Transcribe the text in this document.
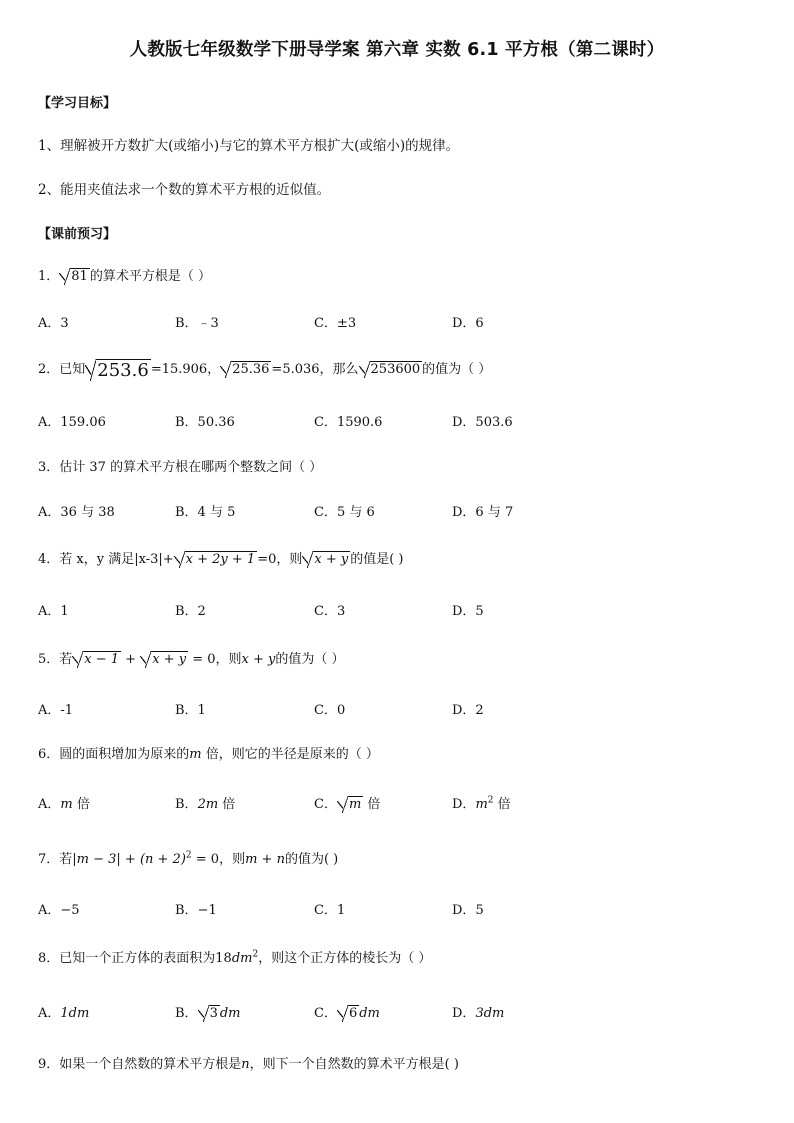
人教版七年级数学下册导学案 第六章 实数 6.1 平方根（第二课时）
【学习目标】
1、理解被开方数扩大(或缩小)与它的算术平方根扩大(或缩小)的规律。
2、能用夹值法求一个数的算术平方根的近似值。
【课前预习】
1． 81 的算术平方根是（ ）
A．3	B．﹣3	C．±3	D．6
2．已知 253.6 =15.906， 25.36 =5.036，那么 253600 的值为（ ）
A．159.06	B．50.36	C．1590.6	D．503.6
3．估计 37 的算术平方根在哪两个整数之间（ ）
A．36 与 38	B．4 与 5	C．5 与 6	D．6 与 7
4．若 x，y 满足|x-3|+ x + 2y + 1 =0，则 x + y 的值是( )
A．1	B．2	C．3	D．5
5．若 x − 1 + x + y = 0，则x + y的值为（ ）
A．-1	B．1	C．0	D．2
6．圆的面积增加为原来的m 倍，则它的半径是原来的（ ）
A．m 倍	B．2m 倍	C． m 倍	D．$m^2$ 倍
7．若$|m - 3| + (n + 2)^2 = 0$，则m + n的值为( )
A．−5	B．−1	C．1	D．5
8．已知一个正方体的表面积为$18dm^2$，则这个正方体的棱长为（ ）
A．1dm	B． 3 dm	C． 6 dm	D．3dm
9．如果一个自然数的算术平方根是n，则下一个自然数的算术平方根是( )
